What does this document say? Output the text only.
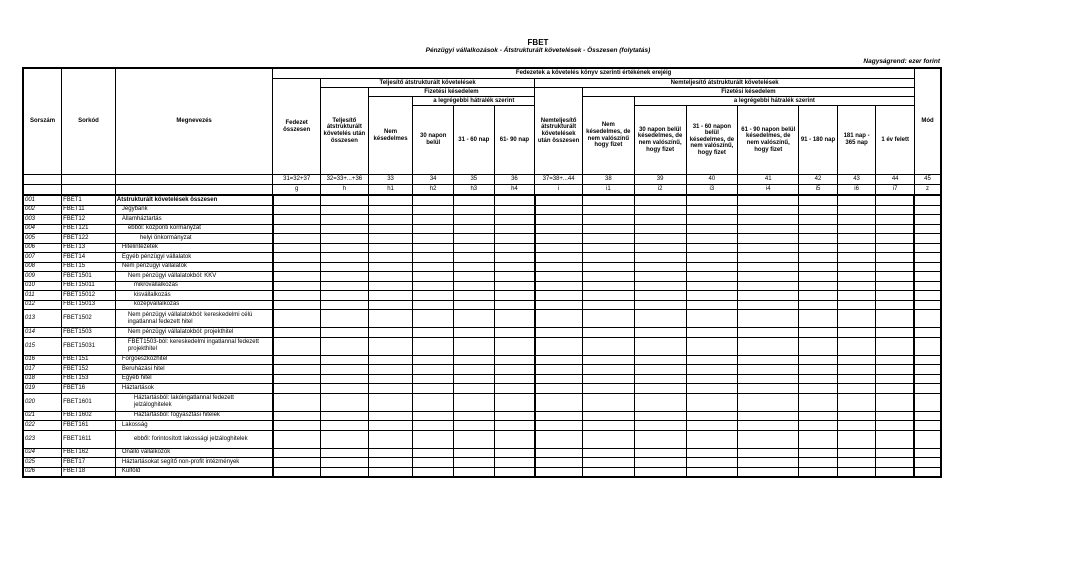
FBET
Pénzügyi vállalkozások - Átstrukturált követelések - Összesen (folytatás)
Nagyságrend: ezer forint
Sorszám	Sorkód	Megnevezés	Fedezetek a követelés könyv szerinti értékének erejéig														Mód
			Fedezet összesen	Teljesítő átstrukturált követelések					Nemteljesítő átstrukturált követelések								
				Teljesítő átstrukturált követelés után összesen	Fizetési késedelem				Nemteljesítő átstrukturált követelések után összesen	Fizetési késedelem							
					Nem késedelmes	a legrégebbi hátralék szerint				Nem késedelmes, de nem valószínű hogy fizet	a legrégebbi hátralék szerint						
						30 napon belül	31 - 60 nap	61- 90 nap			30 napon belül késedelmes, de nem valószínű, hogy fizet	31 - 60 napon belül késedelmes, de nem valószínű, hogy fizet	61 - 90 napon belül késedelmes, de nem valószínű, hogy fizet	91 - 180 nap	181 nap - 365 nap	1 év felett	
			31=32+37	32=33+...+36	33	34	35	36	37=38+...44	38	39	40	41	42	43	44	45
			g	h	h1	h2	h3	h4	i	i1	i2	i3	i4	i5	i6	i7	z
001	FBET1	Átstrukturált követelések összesen															
002	FBET11	Jegybank															
003	FBET12	Államháztartás															
004	FBET121	ebből: központi kormányzat															
005	FBET122	helyi önkormányzat															
006	FBET13	Hitelintézetek															
007	FBET14	Egyéb pénzügyi vállalatok															
008	FBET15	Nem pénzügyi vállalatok															
009	FBET1501	Nem pénzügyi vállalatokból: KKV															
010	FBET15011	mikrovállalkozás															
011	FBET15012	kisvállalkozás															
012	FBET15013	középvállalkozás															
013	FBET1502	Nem pénzügyi vállalatokból: kereskedelmi célú ingatlannal fedezett hitel															
014	FBET1503	Nem pénzügyi vállalatokból: projekthitel															
015	FBET15031	FBET1503-ból: kereskedelmi ingatlannal fedezett projekthitel															
016	FBET151	Forgóeszközhitel															
017	FBET152	Beruházási hitel															
018	FBET153	Egyéb hitel															
019	FBET16	Háztartások															
020	FBET1601	Háztartásból: lakóingatlannal fedezett jelzáloghitelek															
021	FBET1602	Háztartásból: fogyasztási hitelek															
022	FBET161	Lakosság															
023	FBET1611	ebből: forintosított lakossági jelzáloghitelek															
024	FBET162	Önálló vállalkozók															
025	FBET17	Háztartásokat segítő non-profit intézmények															
026	FBET18	Külföld															
